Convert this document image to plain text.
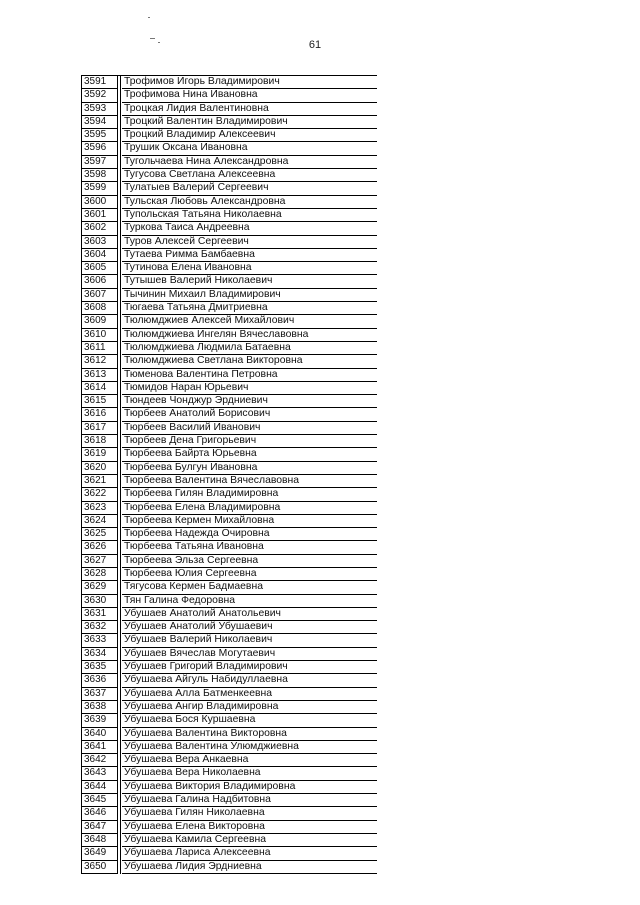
61
3591	Трофимов Игорь Владимирович
3592	Трофимова Нина Ивановна
3593	Троцкая Лидия Валентиновна
3594	Троцкий Валентин Владимирович
3595	Троцкий Владимир Алексеевич
3596	Трушик Оксана Ивановна
3597	Тугольчаева Нина Александровна
3598	Тугусова Светлана Алексеевна
3599	Тулатыев Валерий Сергеевич
3600	Тульская Любовь Александровна
3601	Тупольская Татьяна Николаевна
3602	Туркова Таиса Андреевна
3603	Туров Алексей Сергеевич
3604	Тутаева Римма Бамбаевна
3605	Тутинова Елена Ивановна
3606	Тутышев Валерий Николаевич
3607	Тычинин Михаил Владимирович
3608	Тюгаева Татьяна Дмитриевна
3609	Тюлюмджиев Алексей Михайлович
3610	Тюлюмджиева Ингелян Вячеславовна
3611	Тюлюмджиева Людмила Батаевна
3612	Тюлюмджиева Светлана Викторовна
3613	Тюменова Валентина Петровна
3614	Тюмидов Наран Юрьевич
3615	Тюндеев Чонджур Эрдниевич
3616	Тюрбеев Анатолий Борисович
3617	Тюрбеев Василий Иванович
3618	Тюрбеев Дена Григорьевич
3619	Тюрбеева Байрта Юрьевна
3620	Тюрбеева Булгун Ивановна
3621	Тюрбеева Валентина Вячеславовна
3622	Тюрбеева Гилян Владимировна
3623	Тюрбеева Елена Владимировна
3624	Тюрбеева Кермен Михайловна
3625	Тюрбеева Надежда Очировна
3626	Тюрбеева Татьяна Ивановна
3627	Тюрбеева Эльза Сергеевна
3628	Тюрбеева Юлия Сергеевна
3629	Тягусова Кермен Бадмаевна
3630	Тян Галина Федоровна
3631	Убушаев Анатолий Анатольевич
3632	Убушаев Анатолий Убушаевич
3633	Убушаев Валерий Николаевич
3634	Убушаев Вячеслав Могутаевич
3635	Убушаев Григорий Владимирович
3636	Убушаева Айгуль Набидуллаевна
3637	Убушаева Алла Батменкеевна
3638	Убушаева Ангир Владимировна
3639	Убушаева Бося Куршаевна
3640	Убушаева Валентина Викторовна
3641	Убушаева Валентина Улюмджиевна
3642	Убушаева Вера Анкаевна
3643	Убушаева Вера Николаевна
3644	Убушаева Виктория Владимировна
3645	Убушаева Галина Надбитовна
3646	Убушаева Гилян Николаевна
3647	Убушаева Елена Викторовна
3648	Убушаева Камила Сергеевна
3649	Убушаева Лариса Алексеевна
3650	Убушаева Лидия Эрдниевна
